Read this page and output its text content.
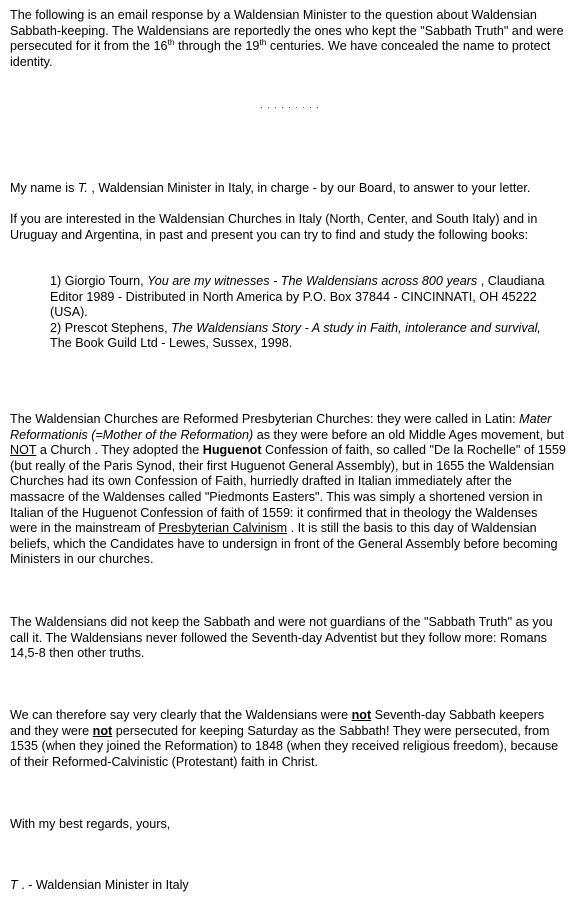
The following is an email response by a Waldensian Minister to the question about Waldensian Sabbath-keeping. The Waldensians are reportedly the ones who kept the "Sabbath Truth" and were persecuted for it from the 16th through the 19th centuries. We have concealed the name to protect identity.

. . . . . . . . .

My name is T. , Waldensian Minister in Italy, in charge - by our Board, to answer to your letter.

If you are interested in the Waldensian Churches in Italy (North, Center, and South Italy) and in Uruguay and Argentina, in past and present you can try to find and study the following books:

1) Giorgio Tourn, You are my witnesses - The Waldensians across 800 years , Claudiana Editor 1989 - Distributed in North America by P.O. Box 37844 - CINCINNATI, OH 45222 (USA).
2) Prescot Stephens, The Waldensians Story - A study in Faith, intolerance and survival, The Book Guild Ltd - Lewes, Sussex, 1998.

The Waldensian Churches are Reformed Presbyterian Churches: they were called in Latin: Mater Reformationis (=Mother of the Reformation) as they were before an old Middle Ages movement, but NOT a Church . They adopted the Huguenot Confession of faith, so called "De la Rochelle" of 1559 (but really of the Paris Synod, their first Huguenot General Assembly), but in 1655 the Waldensian Churches had its own Confession of Faith, hurriedly drafted in Italian immediately after the massacre of the Waldenses called "Piedmonts Easters". This was simply a shortened version in Italian of the Huguenot Confession of faith of 1559: it confirmed that in theology the Waldenses were in the mainstream of Presbyterian Calvinism . It is still the basis to this day of Waldensian beliefs, which the Candidates have to undersign in front of the General Assembly before becoming Ministers in our churches.

The Waldensians did not keep the Sabbath and were not guardians of the "Sabbath Truth" as you call it. The Waldensians never followed the Seventh-day Adventist but they follow more: Romans 14,5-8 then other truths.

We can therefore say very clearly that the Waldensians were not Seventh-day Sabbath keepers and they were not persecuted for keeping Saturday as the Sabbath! They were persecuted, from 1535 (when they joined the Reformation) to 1848 (when they received religious freedom), because of their Reformed-Calvinistic (Protestant) faith in Christ.

With my best regards, yours,

T . - Waldensian Minister in Italy
